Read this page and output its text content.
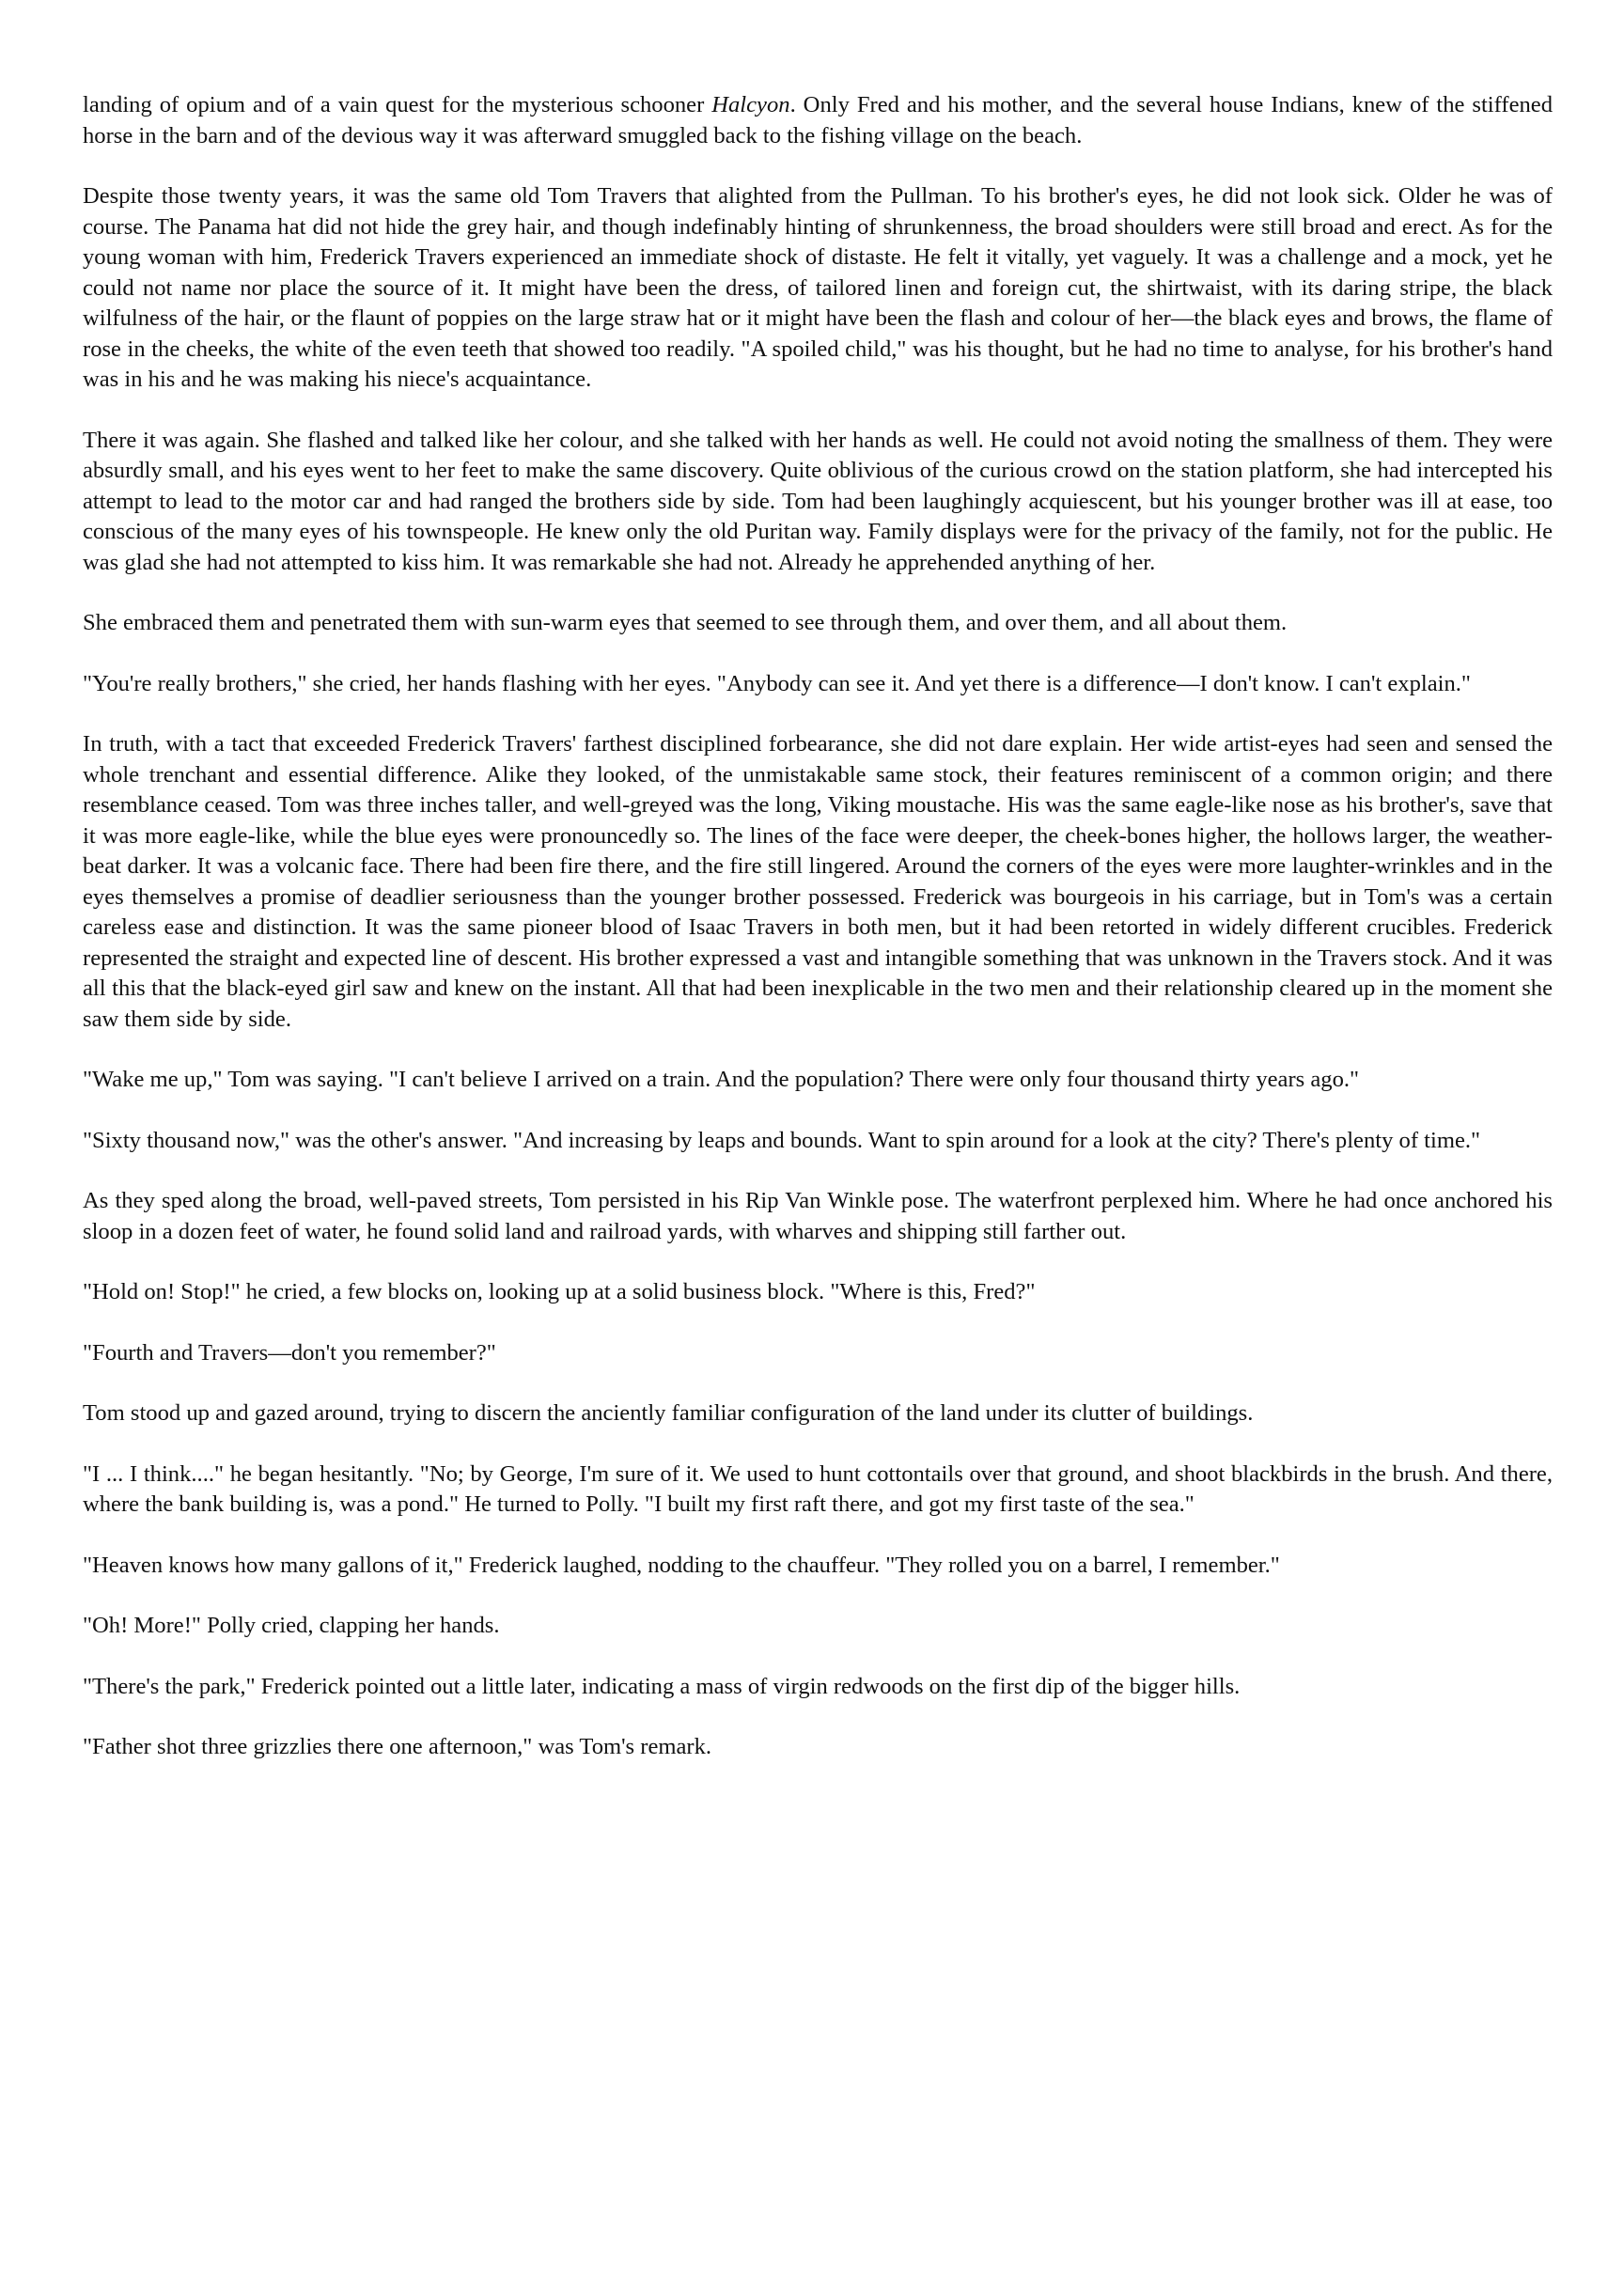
landing of opium and of a vain quest for the mysterious schooner Halcyon. Only Fred and his mother, and the several house Indians, knew of the stiffened horse in the barn and of the devious way it was afterward smuggled back to the fishing village on the beach.

Despite those twenty years, it was the same old Tom Travers that alighted from the Pullman. To his brother's eyes, he did not look sick. Older he was of course. The Panama hat did not hide the grey hair, and though indefinably hinting of shrunkenness, the broad shoulders were still broad and erect. As for the young woman with him, Frederick Travers experienced an immediate shock of distaste. He felt it vitally, yet vaguely. It was a challenge and a mock, yet he could not name nor place the source of it. It might have been the dress, of tailored linen and foreign cut, the shirtwaist, with its daring stripe, the black wilfulness of the hair, or the flaunt of poppies on the large straw hat or it might have been the flash and colour of her—the black eyes and brows, the flame of rose in the cheeks, the white of the even teeth that showed too readily. "A spoiled child," was his thought, but he had no time to analyse, for his brother's hand was in his and he was making his niece's acquaintance.

There it was again. She flashed and talked like her colour, and she talked with her hands as well. He could not avoid noting the smallness of them. They were absurdly small, and his eyes went to her feet to make the same discovery. Quite oblivious of the curious crowd on the station platform, she had intercepted his attempt to lead to the motor car and had ranged the brothers side by side. Tom had been laughingly acquiescent, but his younger brother was ill at ease, too conscious of the many eyes of his townspeople. He knew only the old Puritan way. Family displays were for the privacy of the family, not for the public. He was glad she had not attempted to kiss him. It was remarkable she had not. Already he apprehended anything of her.

She embraced them and penetrated them with sun-warm eyes that seemed to see through them, and over them, and all about them.

"You're really brothers," she cried, her hands flashing with her eyes. "Anybody can see it. And yet there is a difference—I don't know. I can't explain."

In truth, with a tact that exceeded Frederick Travers' farthest disciplined forbearance, she did not dare explain. Her wide artist-eyes had seen and sensed the whole trenchant and essential difference. Alike they looked, of the unmistakable same stock, their features reminiscent of a common origin; and there resemblance ceased. Tom was three inches taller, and well-greyed was the long, Viking moustache. His was the same eagle-like nose as his brother's, save that it was more eagle-like, while the blue eyes were pronouncedly so. The lines of the face were deeper, the cheek-bones higher, the hollows larger, the weather-beat darker. It was a volcanic face. There had been fire there, and the fire still lingered. Around the corners of the eyes were more laughter-wrinkles and in the eyes themselves a promise of deadlier seriousness than the younger brother possessed. Frederick was bourgeois in his carriage, but in Tom's was a certain careless ease and distinction. It was the same pioneer blood of Isaac Travers in both men, but it had been retorted in widely different crucibles. Frederick represented the straight and expected line of descent. His brother expressed a vast and intangible something that was unknown in the Travers stock. And it was all this that the black-eyed girl saw and knew on the instant. All that had been inexplicable in the two men and their relationship cleared up in the moment she saw them side by side.

"Wake me up," Tom was saying. "I can't believe I arrived on a train. And the population? There were only four thousand thirty years ago."

"Sixty thousand now," was the other's answer. "And increasing by leaps and bounds. Want to spin around for a look at the city? There's plenty of time."

As they sped along the broad, well-paved streets, Tom persisted in his Rip Van Winkle pose. The waterfront perplexed him. Where he had once anchored his sloop in a dozen feet of water, he found solid land and railroad yards, with wharves and shipping still farther out.

"Hold on! Stop!" he cried, a few blocks on, looking up at a solid business block. "Where is this, Fred?"

"Fourth and Travers—don't you remember?"

Tom stood up and gazed around, trying to discern the anciently familiar configuration of the land under its clutter of buildings.

"I ... I think...." he began hesitantly. "No; by George, I'm sure of it. We used to hunt cottontails over that ground, and shoot blackbirds in the brush. And there, where the bank building is, was a pond." He turned to Polly. "I built my first raft there, and got my first taste of the sea."

"Heaven knows how many gallons of it," Frederick laughed, nodding to the chauffeur. "They rolled you on a barrel, I remember."

"Oh! More!" Polly cried, clapping her hands.

"There's the park," Frederick pointed out a little later, indicating a mass of virgin redwoods on the first dip of the bigger hills.

"Father shot three grizzlies there one afternoon," was Tom's remark.
